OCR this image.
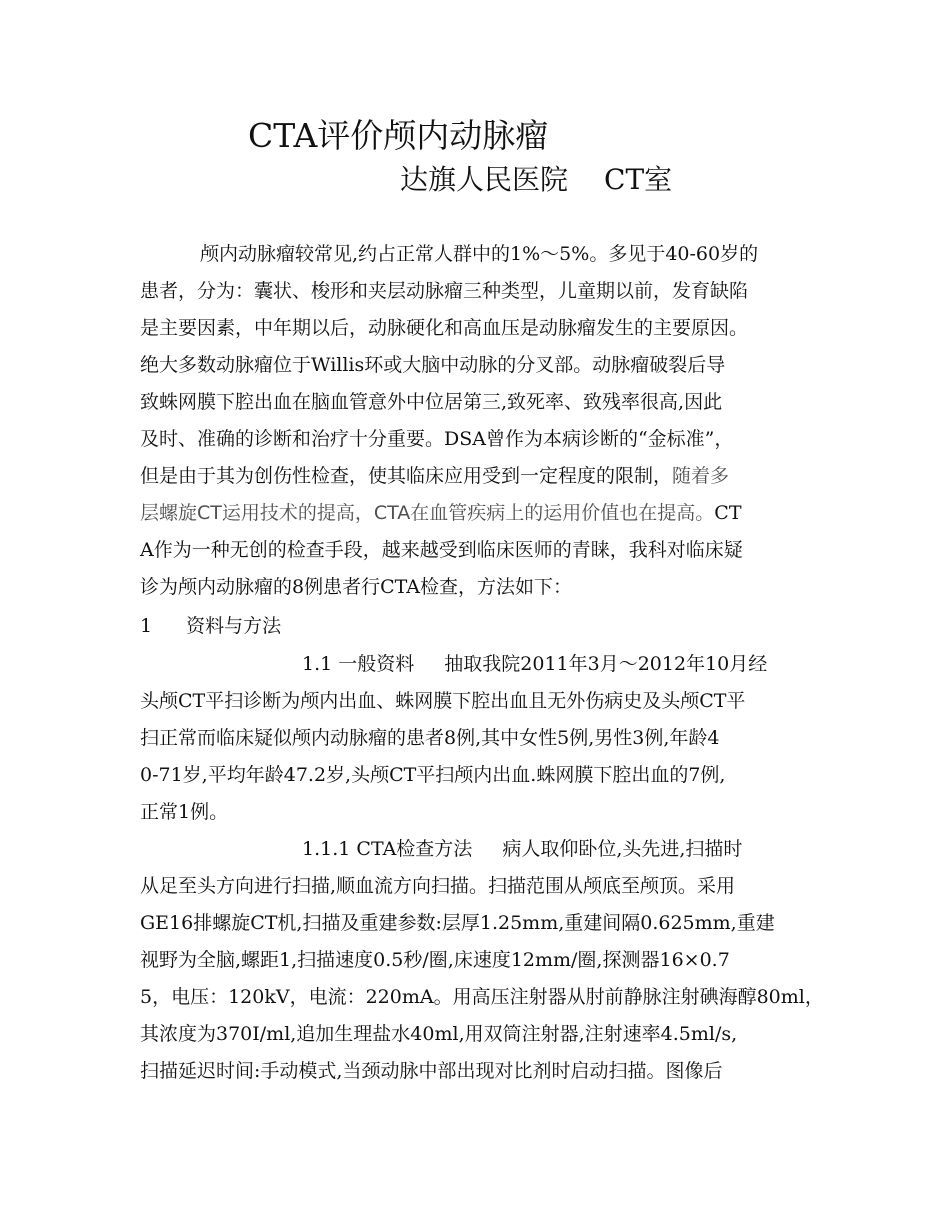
CTA评价颅内动脉瘤
达旗人民医院 CT室
颅内动脉瘤较常见,约占正常人群中的1%～5%。多见于40-60岁的
患者，分为：囊状、梭形和夹层动脉瘤三种类型，儿童期以前，发育缺陷
是主要因素，中年期以后，动脉硬化和高血压是动脉瘤发生的主要原因。
绝大多数动脉瘤位于Willis环或大脑中动脉的分叉部。动脉瘤破裂后导
致蛛网膜下腔出血在脑血管意外中位居第三,致死率、致残率很高,因此
及时、准确的诊断和治疗十分重要。DSA曾作为本病诊断的“金标准”，
但是由于其为创伤性检查，使其临床应用受到一定程度的限制，随着多
层螺旋CT运用技术的提高，CTA在血管疾病上的运用价值也在提高。CT
A作为一种无创的检查手段，越来越受到临床医师的青睐，我科对临床疑
诊为颅内动脉瘤的8例患者行CTA检查，方法如下：
1 资料与方法
1.1 一般资料 抽取我院2011年3月～2012年10月经
头颅CT平扫诊断为颅内出血、蛛网膜下腔出血且无外伤病史及头颅CT平
扫正常而临床疑似颅内动脉瘤的患者8例,其中女性5例,男性3例,年龄4
0-71岁,平均年龄47.2岁,头颅CT平扫颅内出血.蛛网膜下腔出血的7例,
正常1例。
1.1.1 CTA检查方法 病人取仰卧位,头先进,扫描时
从足至头方向进行扫描,顺血流方向扫描。扫描范围从颅底至颅顶。采用
GE16排螺旋CT机,扫描及重建参数:层厚1.25mm,重建间隔0.625mm,重建
视野为全脑,螺距1,扫描速度0.5秒/圈,床速度12mm/圈,探测器16×0.7
5，电压：120kV，电流：220mA。用高压注射器从肘前静脉注射碘海醇80ml，
其浓度为370I/ml,追加生理盐水40ml,用双筒注射器,注射速率4.5ml/s,
扫描延迟时间:手动模式,当颈动脉中部出现对比剂时启动扫描。图像后
